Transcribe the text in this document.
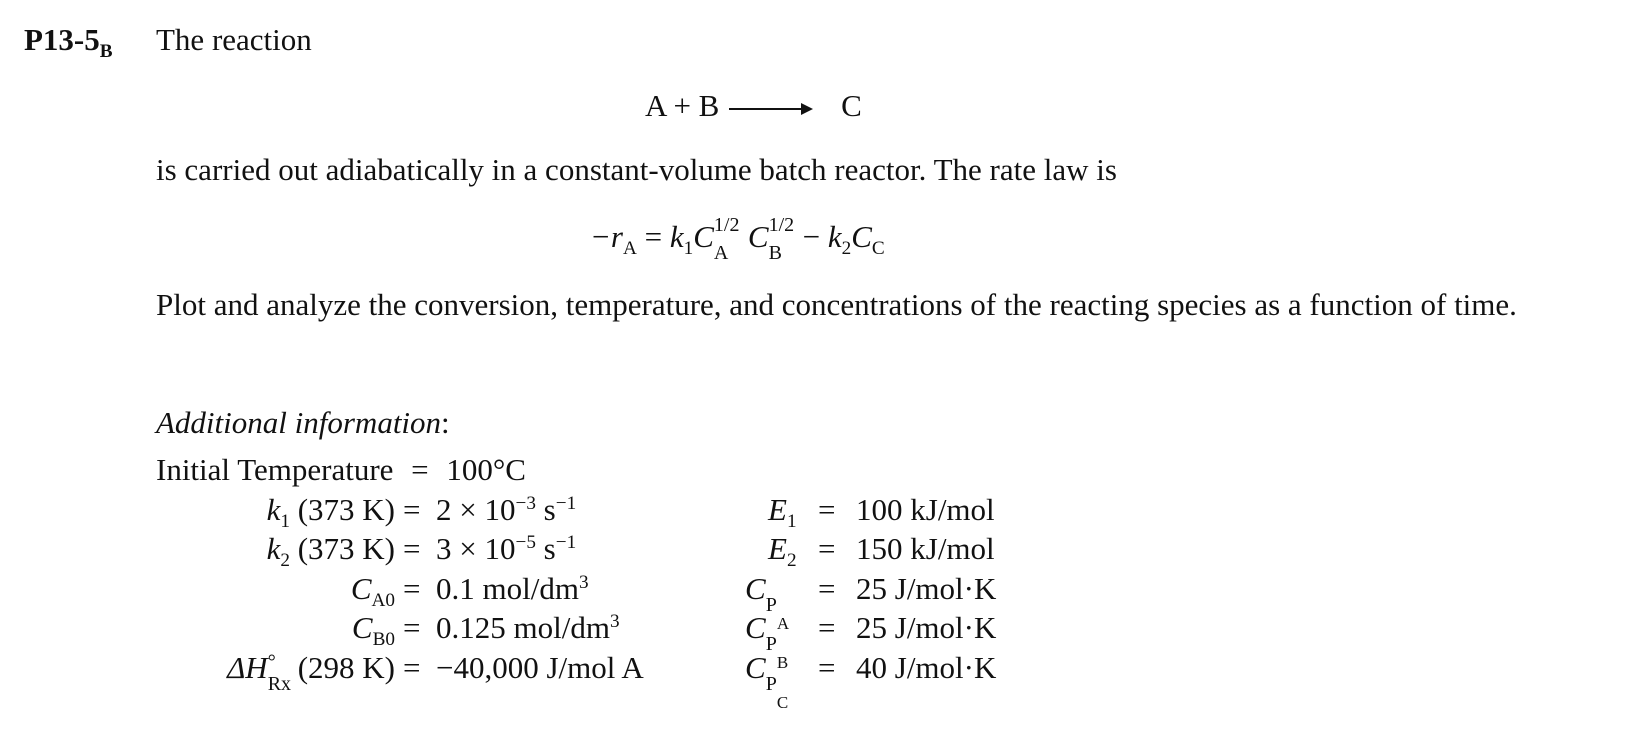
$P13-5_B$ The reaction
A + B → C
is carried out adiabatically in a constant-volume batch reactor. The rate law is
$-r_A = k_1C$ 1/2
A C 1/2
$B - k_2C_C$
Plot and analyze the conversion, temperature, and concentrations of the reacting species as a function of time.
Additional information:
Initial Temperature = 100°C
$k_1$ (373 $K) = 2 \times 10^{-3}$ $s^{-1}$
$k_2$ (373 $K) = 3 \times 10^{-5}$ $s^{-1}$
$C_{A0} = 0.1$ mol/$dm^3$
$C_{B0} = 0.125$ mol/$dm^3$
ΔH °
Rx (298 K) = −40,000 J/mol A
$E_1 = 100$ kJ/mol
$E_2 = 150$ kJ/mol
$C_{PA}$
= 25 J/mol·K
$C_{PB}$
= 25 J/mol·K
$C_{PC}$
= 40 J/mol·K
